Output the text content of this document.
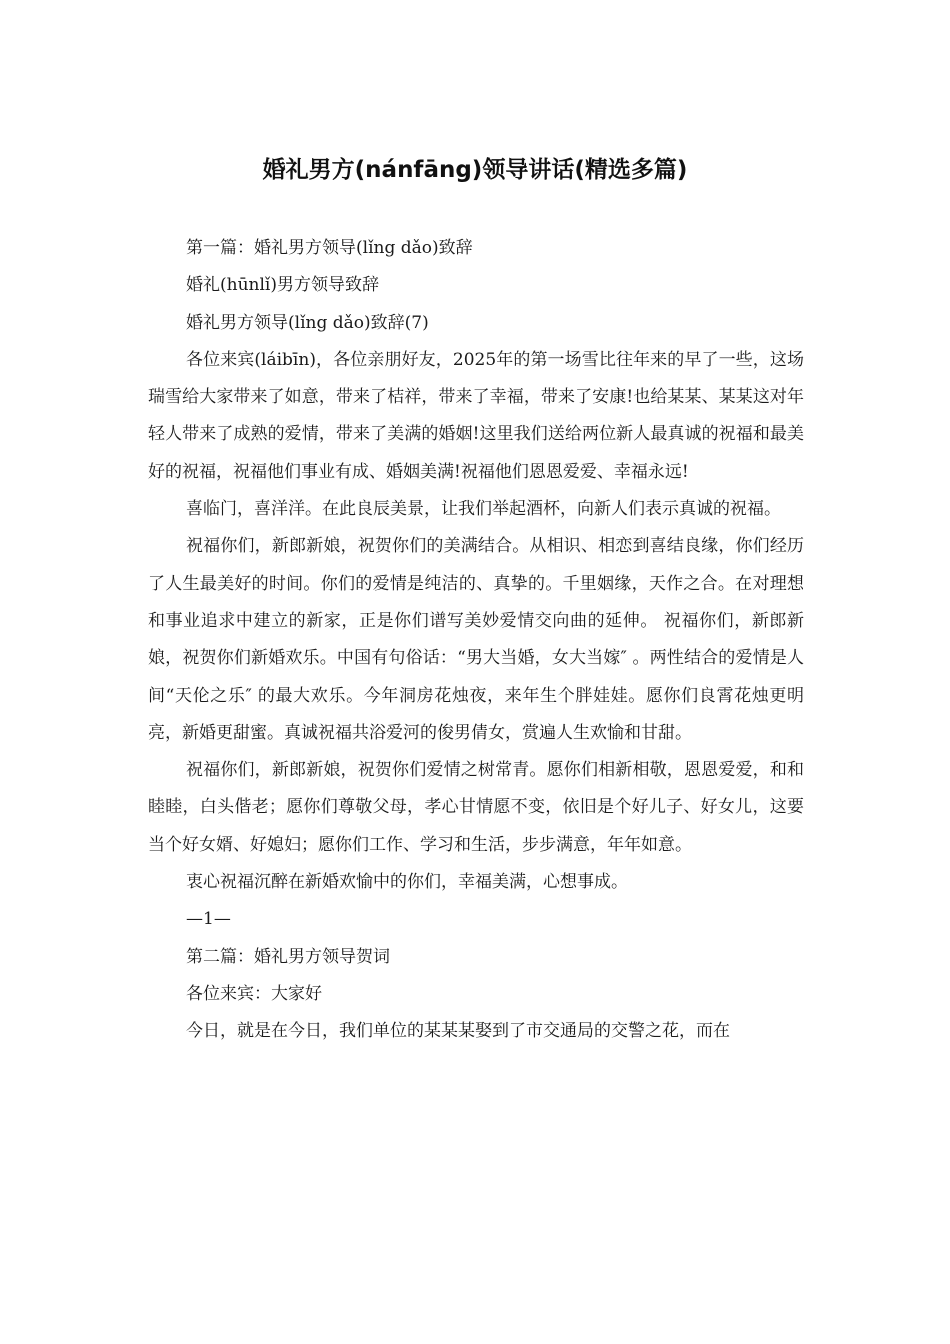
婚礼男方(nánfāng)领导讲话(精选多篇)

第一篇：婚礼男方领导(lǐng dǎo)致辞

婚礼(hūnlǐ)男方领导致辞

婚礼男方领导(lǐng dǎo)致辞(7)

各位来宾(láibīn)，各位亲朋好友，2025年的第一场雪比往年来的早了一些，这场瑞雪给大家带来了如意，带来了桔祥，带来了幸福，带来了安康!也给某某、某某这对年轻人带来了成熟的爱情，带来了美满的婚姻!这里我们送给两位新人最真诚的祝福和最美好的祝福，祝福他们事业有成、婚姻美满!祝福他们恩恩爱爱、幸福永远!

喜临门，喜洋洋。在此良辰美景，让我们举起酒杯，向新人们表示真诚的祝福。

祝福你们，新郎新娘，祝贺你们的美满结合。从相识、相恋到喜结良缘，你们经历了人生最美好的时间。你们的爱情是纯洁的、真挚的。千里姻缘，天作之合。在对理想和事业追求中建立的新家，正是你们谱写美妙爱情交向曲的延伸。 祝福你们，新郎新娘，祝贺你们新婚欢乐。中国有句俗话：“男大当婚，女大当嫁″ 。两性结合的爱情是人间“天伦之乐″ 的最大欢乐。今年洞房花烛夜，来年生个胖娃娃。愿你们良霄花烛更明亮，新婚更甜蜜。真诚祝福共浴爱河的俊男倩女，赏遍人生欢愉和甘甜。

祝福你们，新郎新娘，祝贺你们爱情之树常青。愿你们相新相敬，恩恩爱爱，和和睦睦，白头偕老；愿你们尊敬父母，孝心甘情愿不变，依旧是个好儿子、好女儿，这要当个好女婿、好媳妇；愿你们工作、学习和生活，步步满意，年年如意。

衷心祝福沉醉在新婚欢愉中的你们，幸福美满，心想事成。

—1—

第二篇：婚礼男方领导贺词

各位来宾：大家好

今日，就是在今日，我们单位的某某某娶到了市交通局的交警之花，而在
